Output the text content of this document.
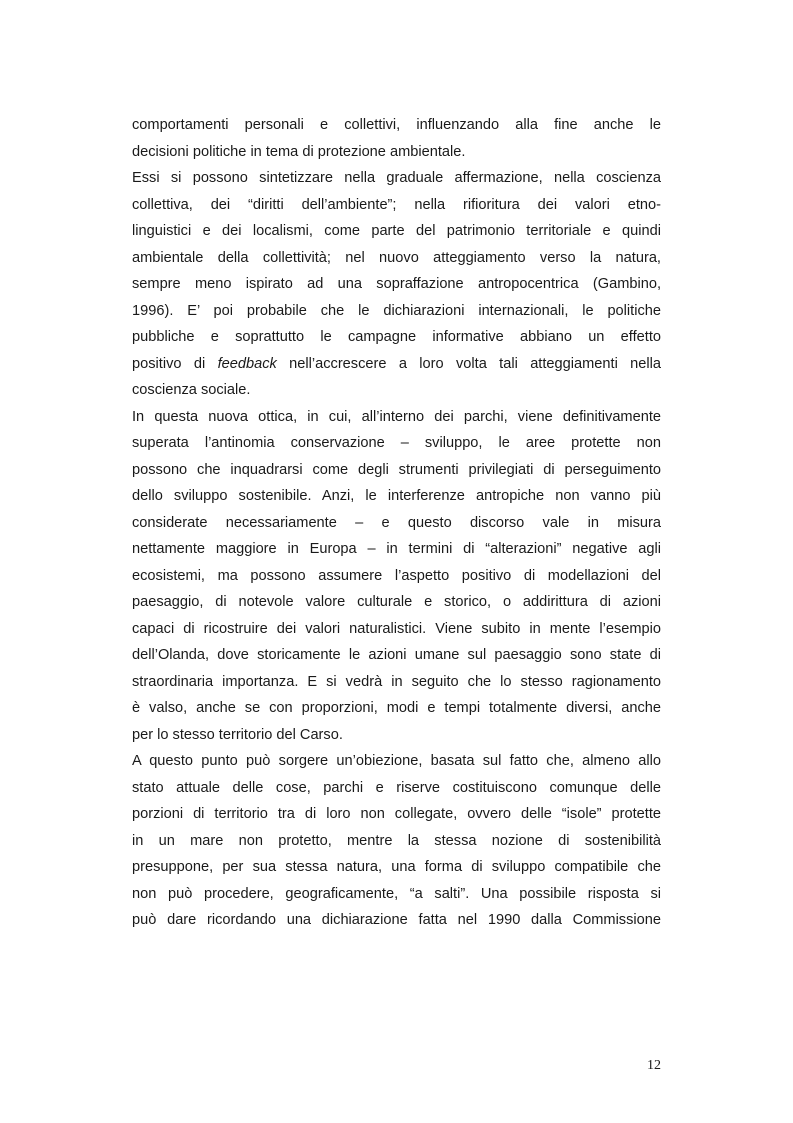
comportamenti personali e collettivi, influenzando alla fine anche le

decisioni politiche in tema di protezione ambientale.

Essi si possono sintetizzare nella graduale affermazione, nella coscienza

collettiva, dei “diritti dell’ambiente”; nella rifioritura dei valori etno-

linguistici e dei localismi, come parte del patrimonio territoriale e quindi

ambientale della collettività; nel nuovo atteggiamento verso la natura,

sempre meno ispirato ad una sopraffazione antropocentrica (Gambino,

1996). E’ poi probabile che le dichiarazioni internazionali, le politiche

pubbliche e soprattutto le campagne informative abbiano un effetto

positivo di feedback nell’accrescere a loro volta tali atteggiamenti nella

coscienza sociale.

In questa nuova ottica, in cui, all’interno dei parchi, viene definitivamente

superata l’antinomia conservazione – sviluppo, le aree protette non

possono che inquadrarsi come degli strumenti privilegiati di perseguimento

dello sviluppo sostenibile. Anzi, le interferenze antropiche non vanno più

considerate necessariamente – e questo discorso vale in misura

nettamente maggiore in Europa – in termini di “alterazioni” negative agli

ecosistemi, ma possono assumere l’aspetto positivo di modellazioni del

paesaggio, di notevole valore culturale e storico, o addirittura di azioni

capaci di ricostruire dei valori naturalistici. Viene subito in mente l’esempio

dell’Olanda, dove storicamente le azioni umane sul paesaggio sono state di

straordinaria importanza. E si vedrà in seguito che lo stesso ragionamento

è valso, anche se con proporzioni, modi e tempi totalmente diversi, anche

per lo stesso territorio del Carso.

A questo punto può sorgere un’obiezione, basata sul fatto che, almeno allo

stato attuale delle cose, parchi e riserve costituiscono comunque delle

porzioni di territorio tra di loro non collegate, ovvero delle “isole” protette

in un mare non protetto, mentre la stessa nozione di sostenibilità

presuppone, per sua stessa natura, una forma di sviluppo compatibile che

non può procedere, geograficamente, “a salti”. Una possibile risposta si

può dare ricordando una dichiarazione fatta nel 1990 dalla Commissione

12
